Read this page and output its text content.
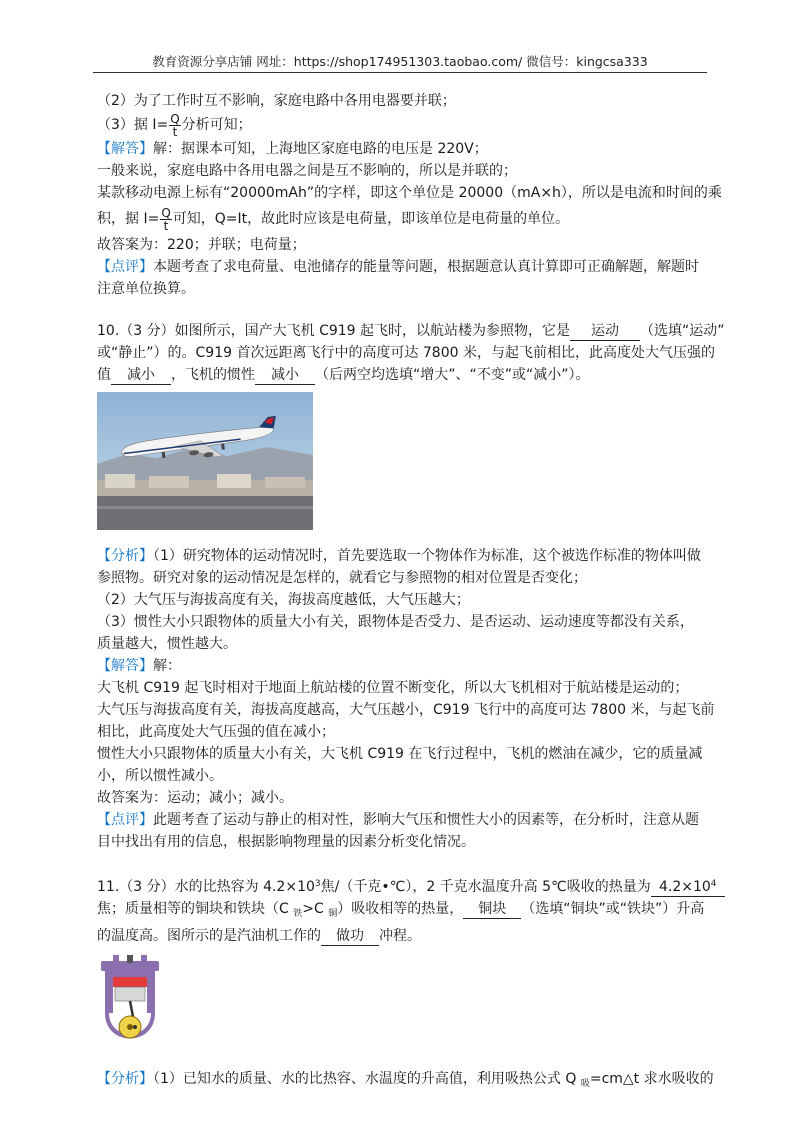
教育资源分享店铺 网址：https://shop174951303.taobao.com/ 微信号：kingcsa333
（2）为了工作时互不影响，家庭电路中各用电器要并联；
（3）据 $I= \frac{Q}{t}$ 分析可知；
【解答】解：据课本可知，上海地区家庭电路的电压是 220V；
一般来说，家庭电路中各用电器之间是互不影响的，所以是并联的；
某款移动电源上标有“20000mAh”的字样，即这个单位是 20000（mA×h），所以是电流和时间的乘
积，据 $I= \frac{Q}{t}$ 可知，Q=It，故此时应该是电荷量，即该单位是电荷量的单位。
故答案为：220；并联；电荷量；
【点评】本题考查了求电荷量、电池储存的能量等问题，根据题意认真计算即可正确解题，解题时
注意单位换算。
10.（3 分）如图所示，国产大飞机 C919 起飞时，以航站楼为参照物，它是 运动 （选填“运动”
或“静止”）的。C919 首次远距离飞行中的高度可达 7800 米，与起飞前相比，此高度处大气压强的
值 减小 ，飞机的惯性 减小 （后两空均选填“增大”、“不变”或“减小”）。
【分析】（1）研究物体的运动情况时，首先要选取一个物体作为标准，这个被选作标准的物体叫做
参照物。研究对象的运动情况是怎样的，就看它与参照物的相对位置是否变化；
（2）大气压与海拔高度有关，海拔高度越低，大气压越大；
（3）惯性大小只跟物体的质量大小有关，跟物体是否受力、是否运动、运动速度等都没有关系，
质量越大，惯性越大。
【解答】解：
大飞机 C919 起飞时相对于地面上航站楼的位置不断变化，所以大飞机相对于航站楼是运动的；
大气压与海拔高度有关，海拔高度越高，大气压越小，C919 飞行中的高度可达 7800 米，与起飞前
相比，此高度处大气压强的值在减小；
惯性大小只跟物体的质量大小有关，大飞机 C919 在飞行过程中，飞机的燃油在减少，它的质量减
小，所以惯性减小。
故答案为：运动；减小；减小。
【点评】此题考查了运动与静止的相对性，影响大气压和惯性大小的因素等，在分析时，注意从题
目中找出有用的信息，根据影响物理量的因素分析变化情况。
11.（3 分）水的比热容为 $4.2\times 10^3$焦/（千克•℃），2 千克水温度升高 5℃吸收的热量为 $4.2\times 10^4$
焦；质量相等的铜块和铁块（C $_铁$>C $_铜$）吸收相等的热量， 铜块 （选填“铜块”或“铁块”）升高
的温度高。图所示的是汽油机工作的 做功 冲程。
【分析】（1）已知水的质量、水的比热容、水温度的升高值，利用吸热公式 Q $_吸$=cm△t 求水吸收的
